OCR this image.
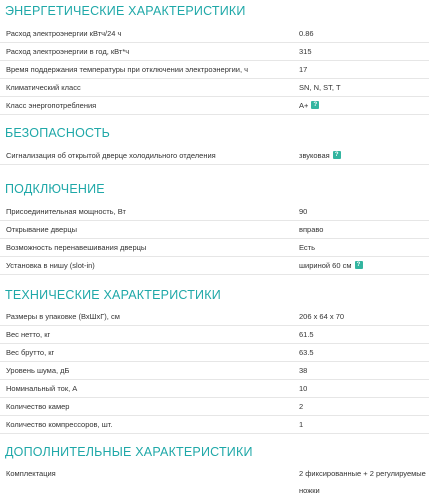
ЭНЕРГЕТИЧЕСКИЕ ХАРАКТЕРИСТИКИ
Расход электроэнергии кВтч/24 ч	0.86
Расход электроэнергии в год, кВт*ч	315
Время поддержания температуры при отключении электроэнергии, ч	17
Климатический класс	SN, N, ST, T
Класс энергопотребления	A+ ?
БЕЗОПАСНОСТЬ
Сигнализация об открытой дверце холодильного отделения	звуковая ?
ПОДКЛЮЧЕНИЕ
Присоединительная мощность, Вт	90
Открывание дверцы	вправо
Возможность перенавешивания дверцы	Есть
Установка в нишу (slot-in)	шириной 60 см ?
ТЕХНИЧЕСКИЕ ХАРАКТЕРИСТИКИ
Размеры в упаковке (ВхШхГ), см	206 x 64 x 70
Вес нетто, кг	61.5
Вес брутто, кг	63.5
Уровень шума, дБ	38
Номинальный ток, А	10
Количество камер	2
Количество компрессоров, шт.	1
ДОПОЛНИТЕЛЬНЫЕ ХАРАКТЕРИСТИКИ
Комплектация	2 фиксированные + 2 регулируемые
ножки
